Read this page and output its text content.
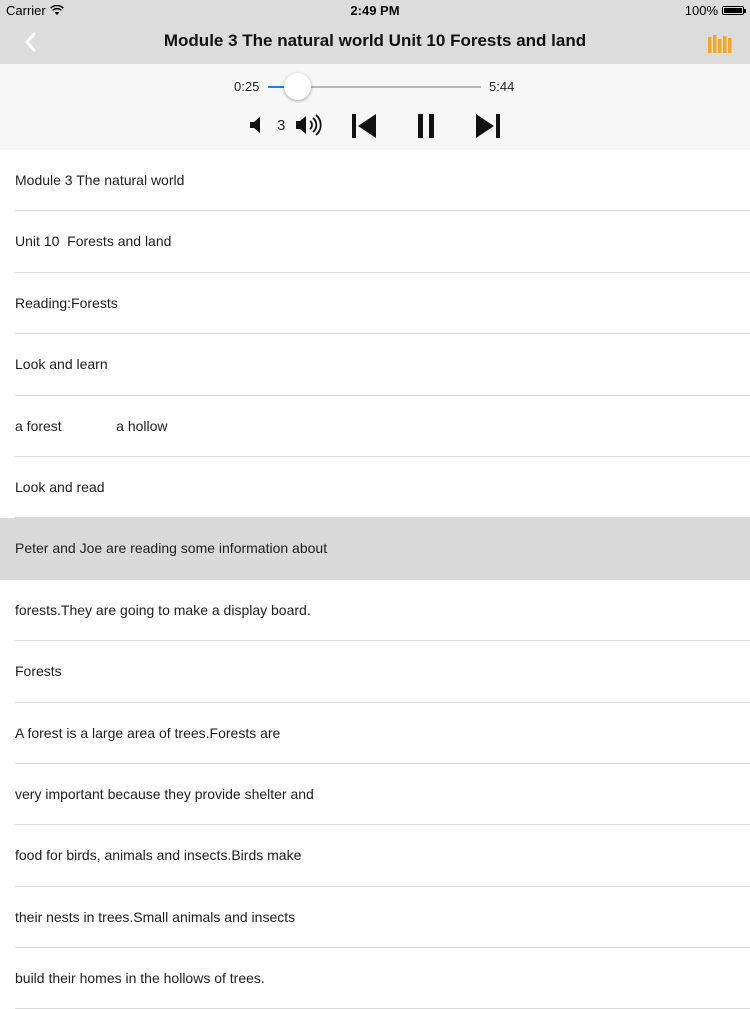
Carrier	2:49 PM	100%
Module 3 The natural world Unit 10 Forests and land
0:25	5:44
3
Module 3 The natural world
Unit 10  Forests and land
Reading:Forests
Look and learn
a forest              a hollow
Look and read
Peter and Joe are reading some information about
forests.They are going to make a display board.
Forests
A forest is a large area of trees.Forests are
very important because they provide shelter and
food for birds, animals and insects.Birds make
their nests in trees.Small animals and insects
build their homes in the hollows of trees.
